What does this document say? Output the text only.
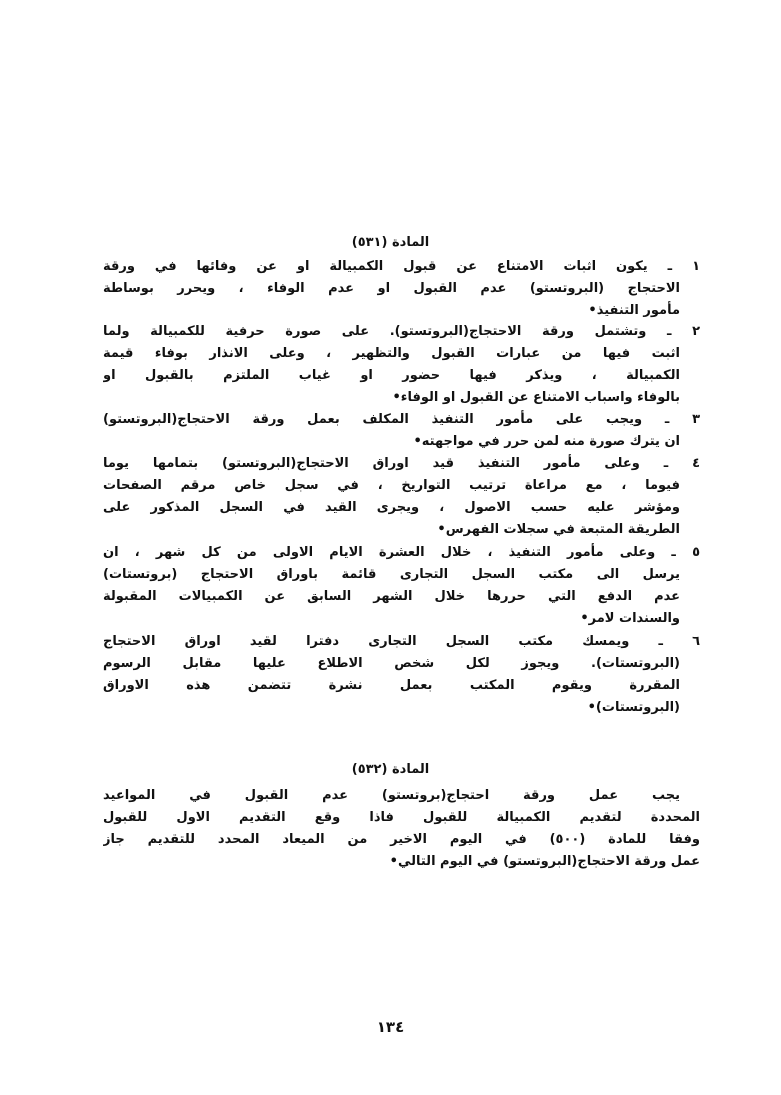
المادة (٥٣١)
١ ـ يكون اثبات الامتناع عن قبول الكمبيالة او عن وفائها في ورقة
الاحتجاج (البروتستو) عدم القبول او عدم الوفاء ، ويحرر بوساطة
مأمور التنفيذ•
٢ ـ وتشتمل ورقة الاحتجاج(البروتستو). على صورة حرفية للكمبيالة ولما
اثبت فيها من عبارات القبول والتظهير ، وعلى الانذار بوفاء قيمة
الكمبيالة ، ويذكر فيها حضور او غياب الملتزم بالقبول او
بالوفاء واسباب الامتناع عن القبول او الوفاء•
٣ ـ ويجب على مأمور التنفيذ المكلف بعمل ورقة الاحتجاج(البروتستو)
ان يترك صورة منه لمن حرر في مواجهته•
٤ ـ وعلى مأمور التنفيذ قيد اوراق الاحتجاج(البروتستو) بتمامها يوما
فيوما ، مع مراعاة ترتيب التواريخ ، في سجل خاص مرقم الصفحات
ومؤشر عليه حسب الاصول ، ويجرى القيد في السجل المذكور على
الطريقة المتبعة في سجلات الفهرس•
٥ ـ وعلى مأمور التنفيذ ، خلال العشرة الايام الاولى من كل شهر ، ان
يرسل الى مكتب السجل التجارى قائمة باوراق الاحتجاج (بروتستات)
عدم الدفع التي حررها خلال الشهر السابق عن الكمبيالات المقبولة
والسندات لامر•
٦ ـ ويمسك مكتب السجل التجارى دفترا لقيد اوراق الاحتجاج
(البروتستات). ويجوز لكل شخص الاطلاع عليها مقابل الرسوم
المقررة ويقوم المكتب بعمل نشرة تتضمن هذه الاوراق
(البروتستات)•
المادة (٥٣٢)
يجب عمل ورقة احتجاج(بروتستو) عدم القبول في المواعيد
المحددة لتقديم الكمبيالة للقبول فاذا وقع التقديم الاول للقبول
وفقا للمادة (٥٠٠) في اليوم الاخير من الميعاد المحدد للتقديم جاز
عمل ورقة الاحتجاج(البروتستو) في اليوم التالي•
١٣٤
